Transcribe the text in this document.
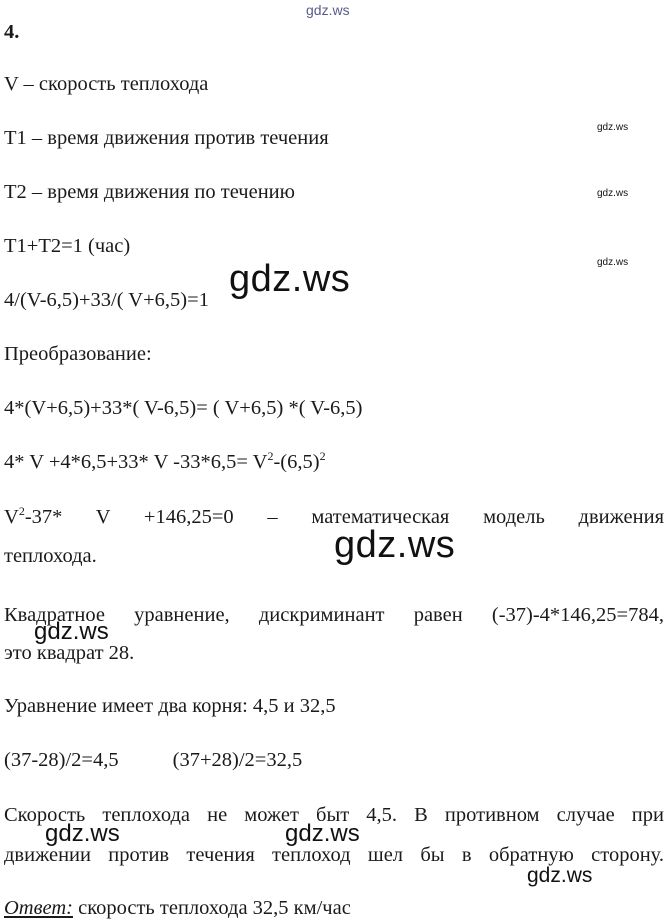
gdz.ws
4.
V – скорость теплохода
T1 – время движения против течения	gdz.ws
T2 – время движения по течению	gdz.ws
T1+T2=1 (час)
gdz.ws
4/(V-6,5)+33/( V+6,5)=1 gdz.ws
Преобразование:
4*(V+6,5)+33*( V-6,5)= ( V+6,5) *( V-6,5)
4* V +4*6,5+33* V $-33*6,5= V^2-(6,5)^2$
$V^2-37*$ V +146,25=0 – математическая модель движения
теплохода.	gdz.ws
Квадратное уравнение, дискриминант равен (-37)-4*146,25=784,
это квадрат 28.
gdz.ws
Уравнение имеет два корня: 4,5 и 32,5
(37-28)/2=4,5	(37+28)/2=32,5
Скорость теплохода не может быт 4,5. В противном случае при
движении против течения теплоход шел бы в обратную сторону.
gdz.ws	gdz.ws
gdz.ws
Ответ: скорость теплохода 32,5 км/час
